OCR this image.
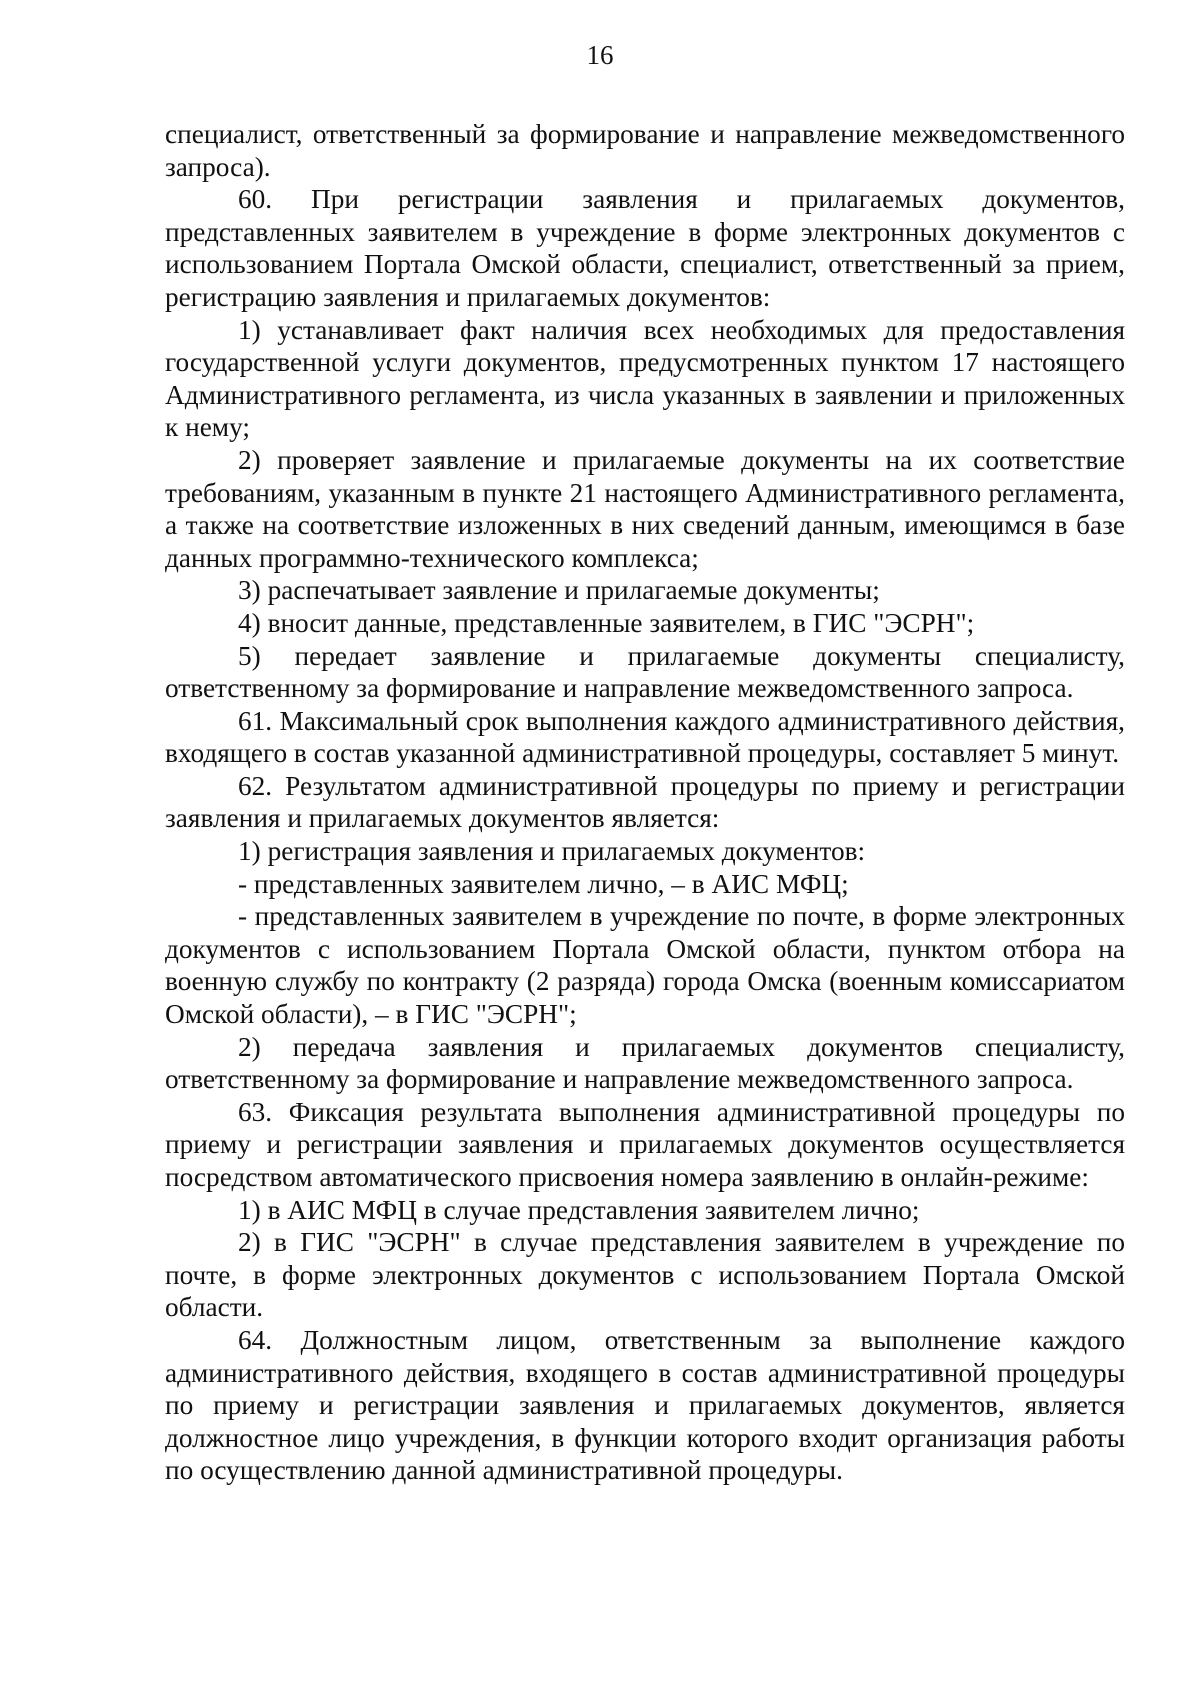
16

специалист, ответственный за формирование и направление межведомственного запроса).

60. При регистрации заявления и прилагаемых документов, представленных заявителем в учреждение в форме электронных документов с использованием Портала Омской области, специалист, ответственный за прием, регистрацию заявления и прилагаемых документов:

1) устанавливает факт наличия всех необходимых для предоставления государственной услуги документов, предусмотренных пунктом 17 настоящего Административного регламента, из числа указанных в заявлении и приложенных к нему;

2) проверяет заявление и прилагаемые документы на их соответствие требованиям, указанным в пункте 21 настоящего Административного регламента, а также на соответствие изложенных в них сведений данным, имеющимся в базе данных программно-технического комплекса;

3) распечатывает заявление и прилагаемые документы;

4) вносит данные, представленные заявителем, в ГИС "ЭСРН";

5) передает заявление и прилагаемые документы специалисту, ответственному за формирование и направление межведомственного запроса.

61. Максимальный срок выполнения каждого административного действия, входящего в состав указанной административной процедуры, составляет 5 минут.

62. Результатом административной процедуры по приему и регистрации заявления и прилагаемых документов является:

1) регистрация заявления и прилагаемых документов:

- представленных заявителем лично, – в АИС МФЦ;

- представленных заявителем в учреждение по почте, в форме электронных документов с использованием Портала Омской области, пунктом отбора на военную службу по контракту (2 разряда) города Омска (военным комиссариатом Омской области), – в ГИС "ЭСРН";

2) передача заявления и прилагаемых документов специалисту, ответственному за формирование и направление межведомственного запроса.

63. Фиксация результата выполнения административной процедуры по приему и регистрации заявления и прилагаемых документов осуществляется посредством автоматического присвоения номера заявлению в онлайн-режиме:

1) в АИС МФЦ в случае представления заявителем лично;

2) в ГИС "ЭСРН" в случае представления заявителем в учреждение по почте, в форме электронных документов с использованием Портала Омской области.

64. Должностным лицом, ответственным за выполнение каждого административного действия, входящего в состав административной процедуры по приему и регистрации заявления и прилагаемых документов, является должностное лицо учреждения, в функции которого входит организация работы по осуществлению данной административной процедуры.
